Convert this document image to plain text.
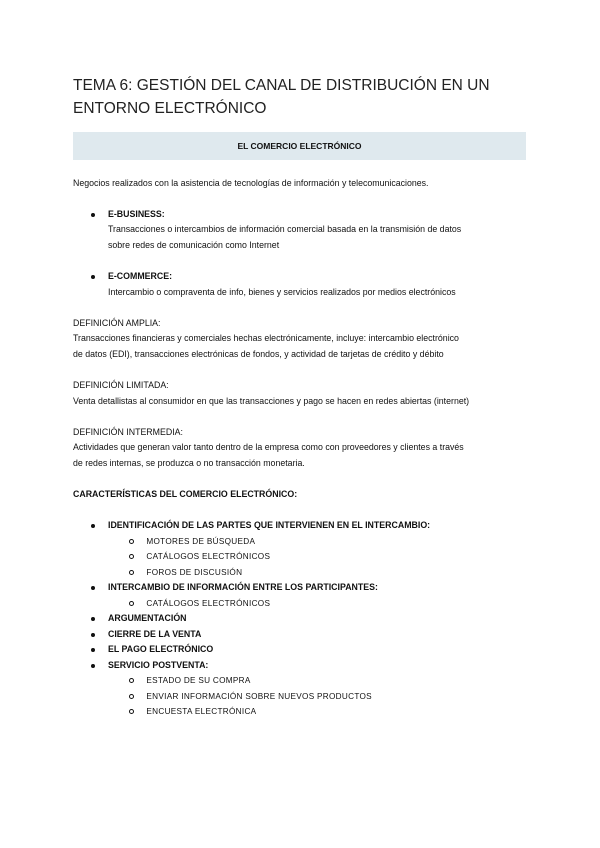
TEMA 6: GESTIÓN DEL CANAL DE DISTRIBUCIÓN EN UN ENTORNO ELECTRÓNICO
EL COMERCIO ELECTRÓNICO

Negocios realizados con la asistencia de tecnologías de información y telecomunicaciones.

E-BUSINESS:

Transacciones o intercambios de información comercial basada en la transmisión de datos

sobre redes de comunicación como Internet

E-COMMERCE:

Intercambio o compraventa de info, bienes y servicios realizados por medios electrónicos

DEFINICIÓN AMPLIA:

Transacciones financieras y comerciales hechas electrónicamente, incluye: intercambio electrónico

de datos (EDI), transacciones electrónicas de fondos, y actividad de tarjetas de crédito y débito

DEFINICIÓN LIMITADA:

Venta detallistas al consumidor en que las transacciones y pago se hacen en redes abiertas (internet)

DEFINICIÓN INTERMEDIA:

Actividades que generan valor tanto dentro de la empresa como con proveedores y clientes a través

de redes internas, se produzca o no transacción monetaria.

CARACTERÍSTICAS DEL COMERCIO ELECTRÓNICO:

IDENTIFICACIÓN DE LAS PARTES QUE INTERVIENEN EN EL INTERCAMBIO:
MOTORES DE BÚSQUEDA
CATÁLOGOS ELECTRÓNICOS
FOROS DE DISCUSIÓN
INTERCAMBIO DE INFORMACIÓN ENTRE LOS PARTICIPANTES:
CATÁLOGOS ELECTRÓNICOS
ARGUMENTACIÓN
CIERRE DE LA VENTA
EL PAGO ELECTRÓNICO
SERVICIO POSTVENTA:
ESTADO DE SU COMPRA
ENVIAR INFORMACIÓN SOBRE NUEVOS PRODUCTOS
ENCUESTA ELECTRÓNICA
